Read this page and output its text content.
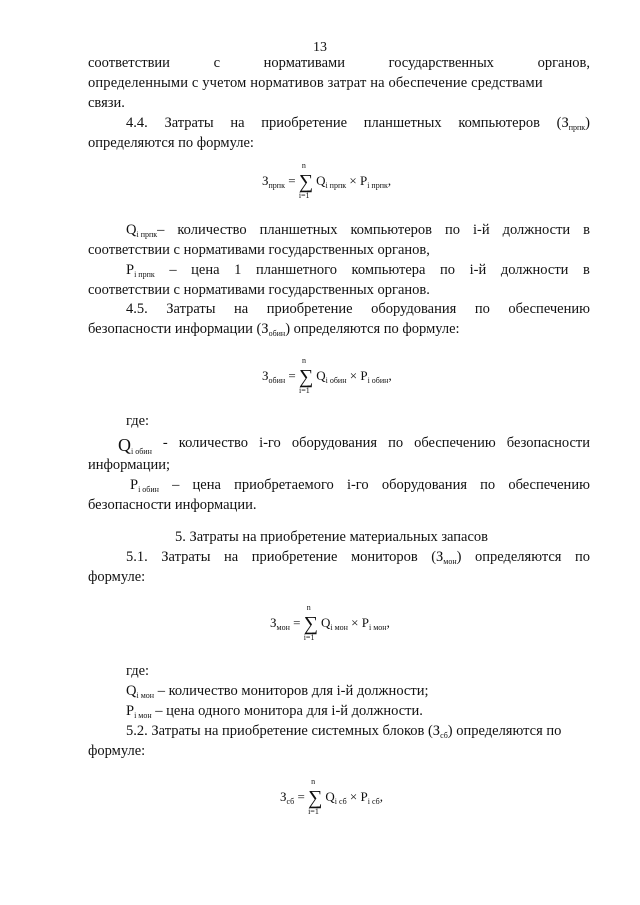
13
соответствии	с	нормативами	государственных	органов,
определенными с учетом нормативов затрат на обеспечение средствами
связи.
4.4. Затраты на приобретение планшетных компьютеров $(З_{прпк})$
определяются по формуле:
$З_{прпк}$ = ∑
n
i=1
$Q_{i прпк} \times P_{i прпк}$,
$Q_{i прпк}-$ количество планшетных компьютеров по i-й должности в
соответствии с нормативами государственных органов,
$P_{i прпк}$ – цена 1 планшетного компьютера по i-й должности в
соответствии с нормативами государственных органов.
4.5. Затраты на приобретение оборудования по обеспечению
безопасности информации $(З_{обин})$ определяются по формуле:
$З_{обин}$ = ∑
n
i=1
$Q_{i обин} \times P_{i обин}$,
где:
$Q_{i обин}$
- количество i-го оборудования по обеспечению безопасности
информации;
$P_{i обин}$ – цена приобретаемого i-го оборудования по обеспечению
безопасности информации.
5. Затраты на приобретение материальных запасов
5.1. Затраты на приобретение мониторов $(З_{мон})$ определяются по
формуле:
$З_{мон}$ = ∑
n
i=1
$Q_{i мон} \times P_{i мон}$,
где:
$Q_{i мон}$ – количество мониторов для i-й должности;
$P_{i мон}$ – цена одного монитора для i-й должности.
5.2. Затраты на приобретение системных блоков $(З_{сб})$ определяются по
формуле:
$З_{сб}$ = ∑
n
i=1
$Q_{i сб} \times P_{i сб}$,
